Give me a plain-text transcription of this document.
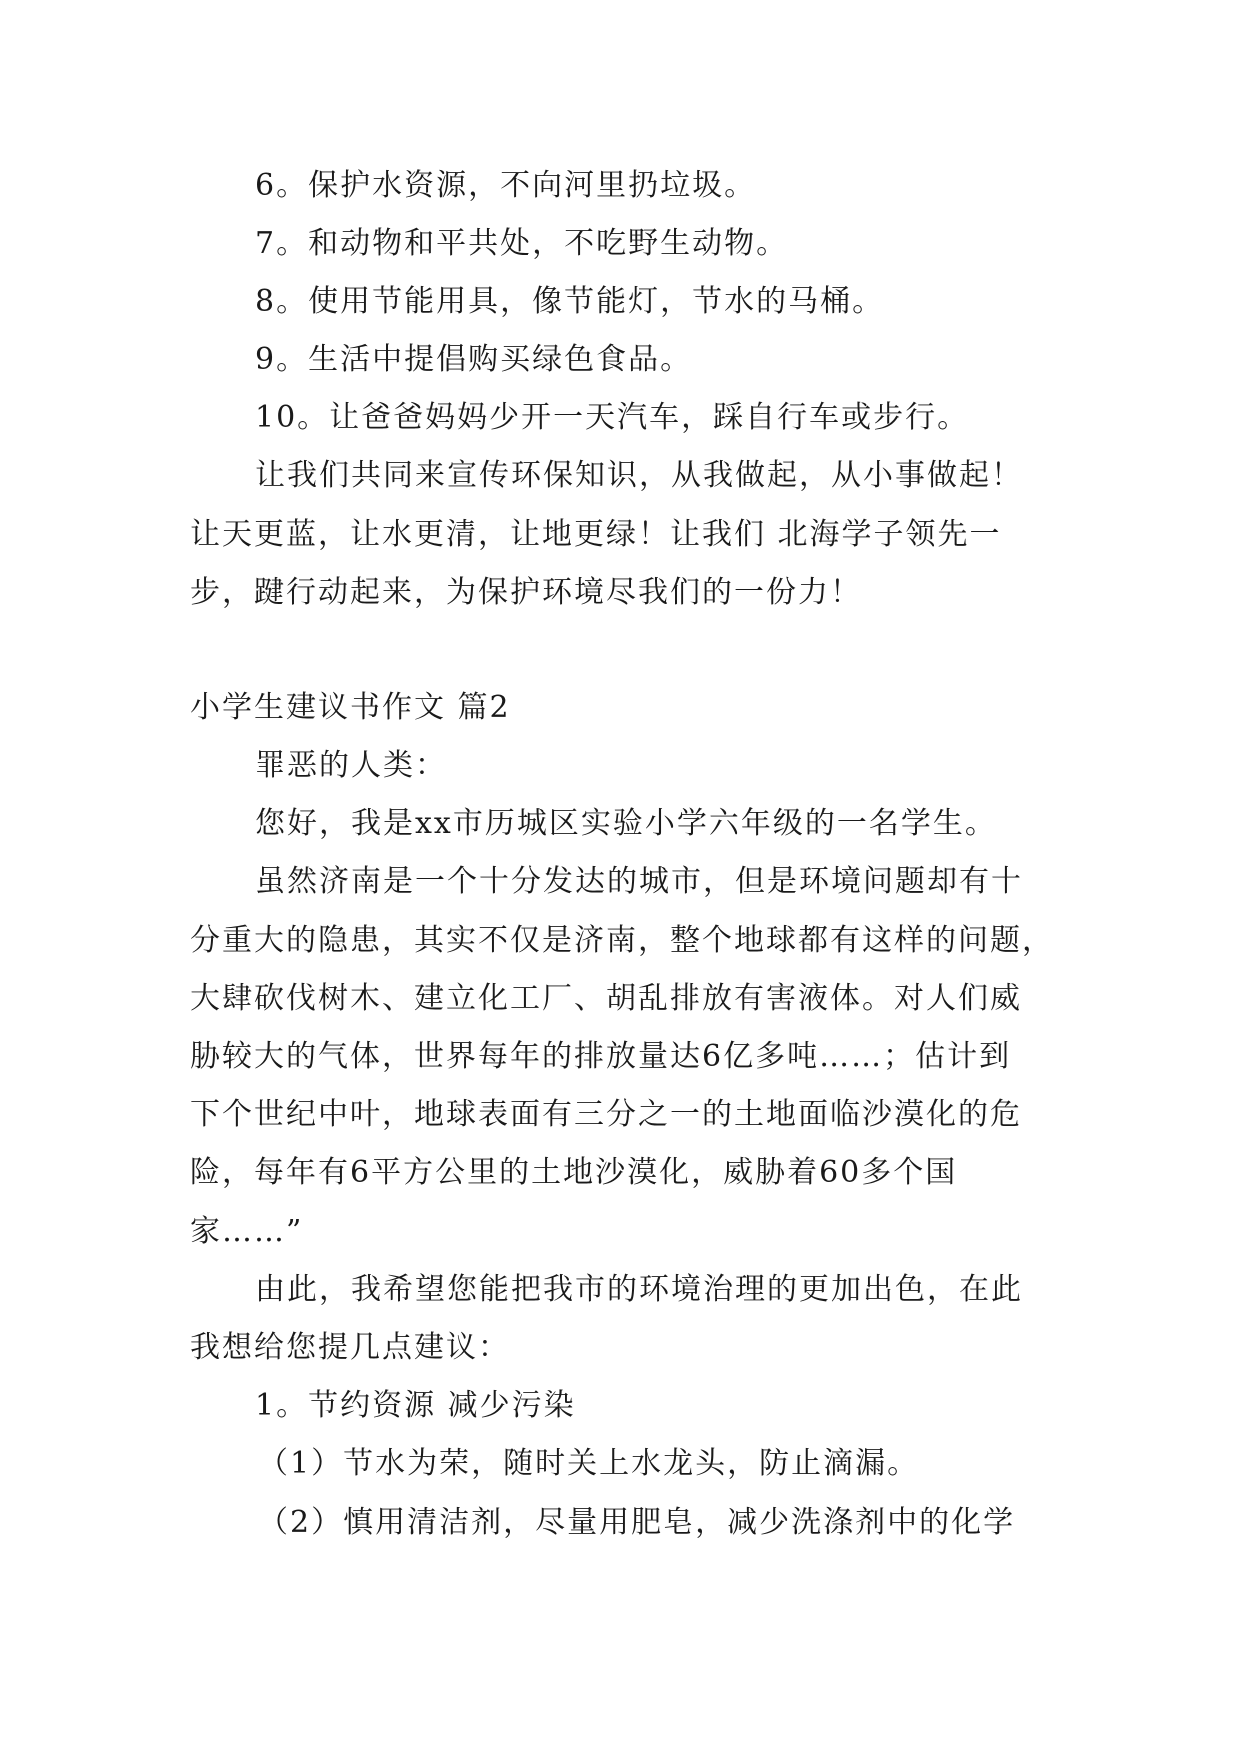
6。保护水资源，不向河里扔垃圾。
7。和动物和平共处，不吃野生动物。
8。使用节能用具，像节能灯，节水的马桶。
9。生活中提倡购买绿色食品。
10。让爸爸妈妈少开一天汽车，踩自行车或步行。
让我们共同来宣传环保知识，从我做起，从小事做起！
让天更蓝，让水更清，让地更绿！让我们 北海学子领先一
步，踺行动起来，为保护环境尽我们的一份力！
小学生建议书作文 篇2
罪恶的人类：
您好，我是xx市历城区实验小学六年级的一名学生。
虽然济南是一个十分发达的城市，但是环境问题却有十
分重大的隐患，其实不仅是济南，整个地球都有这样的问题，
大肆砍伐树木、建立化工厂、胡乱排放有害液体。对人们威
胁较大的气体，世界每年的排放量达6亿多吨……；估计到
下个世纪中叶，地球表面有三分之一的土地面临沙漠化的危
险，每年有6平方公里的土地沙漠化，威胁着60多个国
家……”
由此，我希望您能把我市的环境治理的更加出色，在此
我想给您提几点建议：
1。节约资源 减少污染
（1）节水为荣，随时关上水龙头，防止滴漏。
（2）慎用清洁剂，尽量用肥皂，减少洗涤剂中的化学
